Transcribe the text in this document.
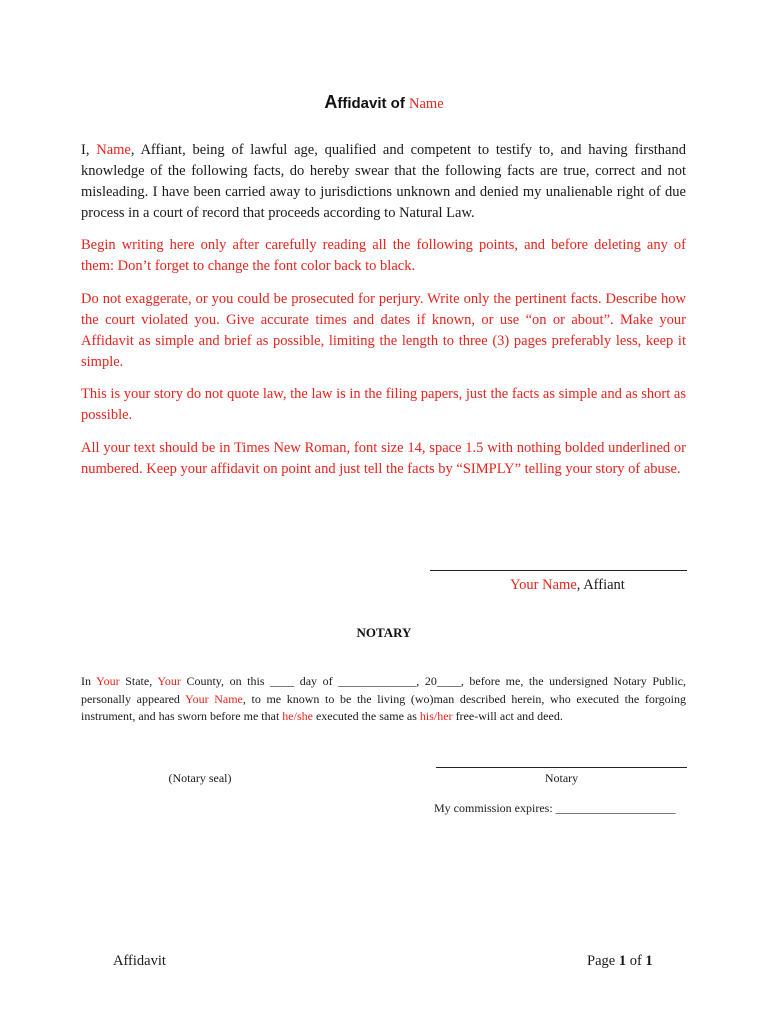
Affidavit of Name

I, Name, Affiant, being of lawful age, qualified and competent to testify to, and having firsthand knowledge of the following facts, do hereby swear that the following facts are true, correct and not misleading. I have been carried away to jurisdictions unknown and denied my unalienable right of due process in a court of record that proceeds according to Natural Law.

Begin writing here only after carefully reading all the following points, and before deleting any of them: Don’t forget to change the font color back to black.

Do not exaggerate, or you could be prosecuted for perjury. Write only the pertinent facts. Describe how the court violated you. Give accurate times and dates if known, or use “on or about”. Make your Affidavit as simple and brief as possible, limiting the length to three (3) pages preferably less, keep it simple.

This is your story do not quote law, the law is in the filing papers, just the facts as simple and as short as possible.

All your text should be in Times New Roman, font size 14, space 1.5 with nothing bolded underlined or numbered. Keep your affidavit on point and just tell the facts by “SIMPLY” telling your story of abuse.

Your Name, Affiant
NOTARY

In Your State, Your County, on this ____ day of _____________, 20____, before me, the undersigned Notary Public, personally appeared Your Name, to me known to be the living (wo)man described herein, who executed the forgoing instrument, and has sworn before me that he/she executed the same as his/her free-will act and deed.

(Notary seal)	Notary
My commission expires: ____________________
Affidavit	Page 1 of 1
